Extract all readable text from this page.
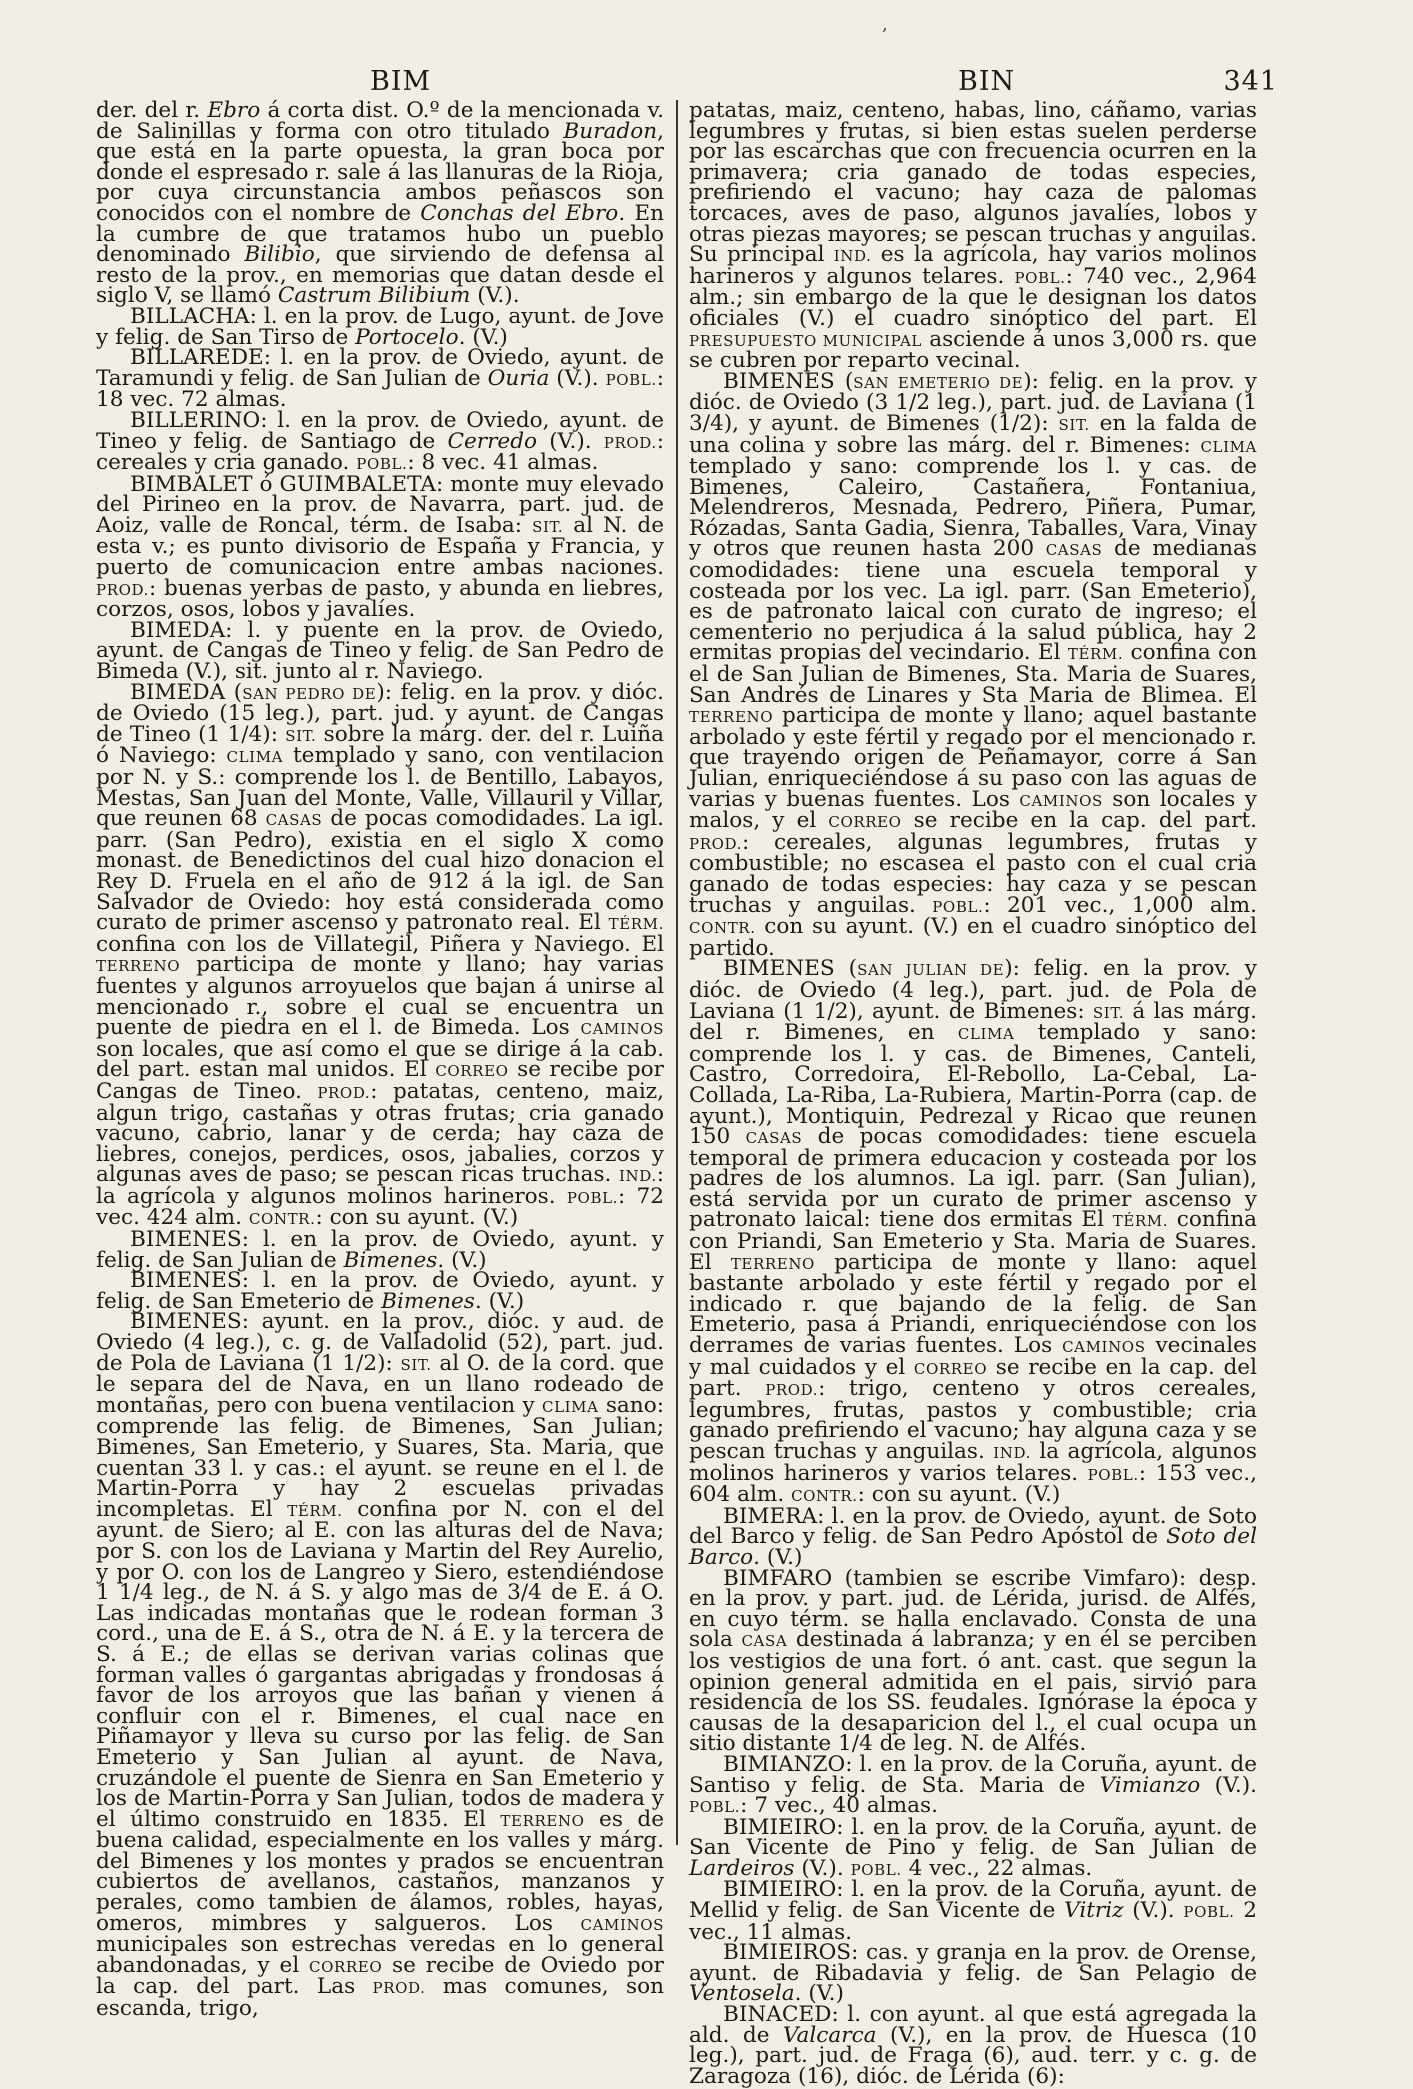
BIM	BIN	341
,

der. del r. Ebro á corta dist. O.º de la mencionada v. de Salinillas y forma con otro titulado Buradon, que está en la parte opuesta, la gran boca por donde el espresado r. sale á las llanuras de la Rioja, por cuya circunstancia ambos peñascos son conocidos con el nombre de Conchas del Ebro. En la cumbre de que tratamos hubo un pueblo denominado Bilibio, que sirviendo de defensa al resto de la prov., en memorias que datan desde el siglo V, se llamó Castrum Bilibium (V.).

BILLACHA: l. en la prov. de Lugo, ayunt. de Jove y felig. de San Tirso de Portocelo. (V.)

BILLAREDE: l. en la prov. de Oviedo, ayunt. de Taramundi y felig. de San Julian de Ouria (V.). POBL.: 18 vec. 72 almas.

BILLERINO: l. en la prov. de Oviedo, ayunt. de Tineo y felig. de Santiago de Cerredo (V.). PROD.: cereales y cria ganado. POBL.: 8 vec. 41 almas.

BIMBALET ó GUIMBALETA: monte muy elevado del Pirineo en la prov. de Navarra, part. jud. de Aoiz, valle de Roncal, térm. de Isaba: SIT. al N. de esta v.; es punto divisorio de España y Francia, y puerto de comunicacion entre ambas naciones. PROD.: buenas yerbas de pasto, y abunda en liebres, corzos, osos, lobos y javalíes.

BIMEDA: l. y puente en la prov. de Oviedo, ayunt. de Cangas de Tineo y felig. de San Pedro de Bimeda (V.), sit. junto al r. Naviego.

BIMEDA (SAN PEDRO DE): felig. en la prov. y dióc. de Oviedo (15 leg.), part. jud. y ayunt. de Cangas de Tineo (1 1/4): SIT. sobre la márg. der. del r. Luiña ó Naviego: CLIMA templado y sano, con ventilacion por N. y S.: comprende los l. de Bentillo, Labayos, Mestas, San Juan del Monte, Valle, Villauril y Villar, que reunen 68 CASAS de pocas comodidades. La igl. parr. (San Pedro), existia en el siglo X como monast. de Benedictinos del cual hizo donacion el Rey D. Fruela en el año de 912 á la igl. de San Salvador de Oviedo: hoy está considerada como curato de primer ascenso y patronato real. El TÉRM. confina con los de Villategil, Piñera y Naviego. El TERRENO participa de monte y llano; hay varias fuentes y algunos arroyuelos que bajan á unirse al mencionado r., sobre el cual se encuentra un puente de piedra en el l. de Bimeda. Los CAMINOS son locales, que así como el que se dirige á la cab. del part. estan mal unidos. El CORREO se recibe por Cangas de Tineo. PROD.: patatas, centeno, maiz, algun trigo, castañas y otras frutas; cria ganado vacuno, cabrio, lanar y de cerda; hay caza de liebres, conejos, perdices, osos, jabalies, corzos y algunas aves de paso; se pescan ricas truchas. IND.: la agrícola y algunos molinos harineros. POBL.: 72 vec. 424 alm. CONTR.: con su ayunt. (V.)

BIMENES: l. en la prov. de Oviedo, ayunt. y felig. de San Julian de Bimenes. (V.)

BIMENES: l. en la prov. de Oviedo, ayunt. y felig. de San Emeterio de Bimenes. (V.)

BIMENES: ayunt. en la prov., dióc. y aud. de Oviedo (4 leg.), c. g. de Valladolid (52), part. jud. de Pola de Laviana (1 1/2): SIT. al O. de la cord. que le separa del de Nava, en un llano rodeado de montañas, pero con buena ventilacion y CLIMA sano: comprende las felig. de Bimenes, San Julian; Bimenes, San Emeterio, y Suares, Sta. Maria, que cuentan 33 l. y cas.: el ayunt. se reune en el l. de Martin-Porra y hay 2 escuelas privadas incompletas. El TÉRM. confina por N. con el del ayunt. de Siero; al E. con las alturas del de Nava; por S. con los de Laviana y Martin del Rey Aurelio, y por O. con los de Langreo y Siero, estendiéndose 1 1/4 leg., de N. á S. y algo mas de 3/4 de E. á O. Las indicadas montañas que le rodean forman 3 cord., una de E. á S., otra de N. á E. y la tercera de S. á E.; de ellas se derivan varias colinas que forman valles ó gargantas abrigadas y frondosas á favor de los arroyos que las bañan y vienen á confluir con el r. Bimenes, el cual nace en Piñamayor y lleva su curso por las felig. de San Emeterio y San Julian al ayunt. de Nava, cruzándole el puente de Sienra en San Emeterio y los de Martin-Porra y San Julian, todos de madera y el último construido en 1835. El TERRENO es de buena calidad, especialmente en los valles y márg. del Bimenes y los montes y prados se encuentran cubiertos de avellanos, castaños, manzanos y perales, como tambien de álamos, robles, hayas, omeros, mimbres y salgueros. Los CAMINOS municipales son estrechas veredas en lo general abandonadas, y el CORREO se recibe de Oviedo por la cap. del part. Las PROD. mas comunes, son escanda, trigo,

patatas, maiz, centeno, habas, lino, cáñamo, varias legumbres y frutas, si bien estas suelen perderse por las escarchas que con frecuencia ocurren en la primavera; cria ganado de todas especies, prefiriendo el vacuno; hay caza de palomas torcaces, aves de paso, algunos javalíes, lobos y otras piezas mayores; se pescan truchas y anguilas. Su principal IND. es la agrícola, hay varios molinos harineros y algunos telares. POBL.: 740 vec., 2,964 alm.; sin embargo de la que le designan los datos oficiales (V.) el cuadro sinóptico del part. El PRESUPUESTO MUNICIPAL asciende á unos 3,000 rs. que se cubren por reparto vecinal.

BIMENES (SAN EMETERIO DE): felig. en la prov. y dióc. de Oviedo (3 1/2 leg.), part. jud. de Laviana (1 3/4), y ayunt. de Bimenes (1/2): SIT. en la falda de una colina y sobre las márg. del r. Bimenes: CLIMA templado y sano: comprende los l. y cas. de Bimenes, Caleiro, Castañera, Fontaniua, Melendreros, Mesnada, Pedrero, Piñera, Pumar, Rózadas, Santa Gadia, Sienra, Taballes, Vara, Vinay y otros que reunen hasta 200 CASAS de medianas comodidades: tiene una escuela temporal y costeada por los vec. La igl. parr. (San Emeterio), es de patronato laical con curato de ingreso; el cementerio no perjudica á la salud pública, hay 2 ermitas propias del vecindario. El TÉRM. confina con el de San Julian de Bimenes, Sta. Maria de Suares, San Andrés de Linares y Sta Maria de Blimea. El TERRENO participa de monte y llano; aquel bastante arbolado y este fértil y regado por el mencionado r. que trayendo origen de Peñamayor, corre á San Julian, enriqueciéndose á su paso con las aguas de varias y buenas fuentes. Los CAMINOS son locales y malos, y el CORREO se recibe en la cap. del part. PROD.: cereales, algunas legumbres, frutas y combustible; no escasea el pasto con el cual cria ganado de todas especies: hay caza y se pescan truchas y anguilas. POBL.: 201 vec., 1,000 alm. CONTR. con su ayunt. (V.) en el cuadro sinóptico del partido.

BIMENES (SAN JULIAN DE): felig. en la prov. y dióc. de Oviedo (4 leg.), part. jud. de Pola de Laviana (1 1/2), ayunt. de Bimenes: SIT. á las márg. del r. Bimenes, en CLIMA templado y sano: comprende los l. y cas. de Bimenes, Canteli, Castro, Corredoira, El-Rebollo, La-Cebal, La-Collada, La-Riba, La-Rubiera, Martin-Porra (cap. de ayunt.), Montiquin, Pedrezal y Ricao que reunen 150 CASAS de pocas comodidades: tiene escuela temporal de primera educacion y costeada por los padres de los alumnos. La igl. parr. (San Julian), está servida por un curato de primer ascenso y patronato laical: tiene dos ermitas El TÉRM. confina con Priandi, San Emeterio y Sta. Maria de Suares. El TERRENO participa de monte y llano: aquel bastante arbolado y este fértil y regado por el indicado r. que bajando de la felig. de San Emeterio, pasa á Priandi, enriqueciéndose con los derrames de varias fuentes. Los CAMINOS vecinales y mal cuidados y el CORREO se recibe en la cap. del part. PROD.: trigo, centeno y otros cereales, legumbres, frutas, pastos y combustible; cria ganado prefiriendo el vacuno; hay alguna caza y se pescan truchas y anguilas. IND. la agrícola, algunos molinos harineros y varios telares. POBL.: 153 vec., 604 alm. CONTR.: con su ayunt. (V.)

BIMERA: l. en la prov. de Oviedo, ayunt. de Soto del Barco y felig. de San Pedro Apóstol de Soto del Barco. (V.)

BIMFARO (tambien se escribe Vimfaro): desp. en la prov. y part. jud. de Lérida, jurisd. de Alfés, en cuyo térm. se halla enclavado. Consta de una sola CASA destinada á labranza; y en él se perciben los vestigios de una fort. ó ant. cast. que segun la opinion general admitida en el pais, sirvió para residencia de los SS. feudales. Ignórase la época y causas de la desaparicion del l., el cual ocupa un sitio distante 1/4 de leg. N. de Alfés.

BIMIANZO: l. en la prov. de la Coruña, ayunt. de Santiso y felig. de Sta. Maria de Vimianzo (V.). POBL.: 7 vec., 40 almas.

BIMIEIRO: l. en la prov. de la Coruña, ayunt. de San Vicente de Pino y felig. de San Julian de Lardeiros (V.). POBL. 4 vec., 22 almas.

BIMIEIRO: l. en la prov. de la Coruña, ayunt. de Mellid y felig. de San Vicente de Vitriz (V.). POBL. 2 vec., 11 almas.

BIMIEIROS: cas. y granja en la prov. de Orense, ayunt. de Ribadavia y felig. de San Pelagio de Ventosela. (V.)

BINACED: l. con ayunt. al que está agregada la ald. de Valcarca (V.), en la prov. de Huesca (10 leg.), part. jud. de Fraga (6), aud. terr. y c. g. de Zaragoza (16), dióc. de Lérida (6):
